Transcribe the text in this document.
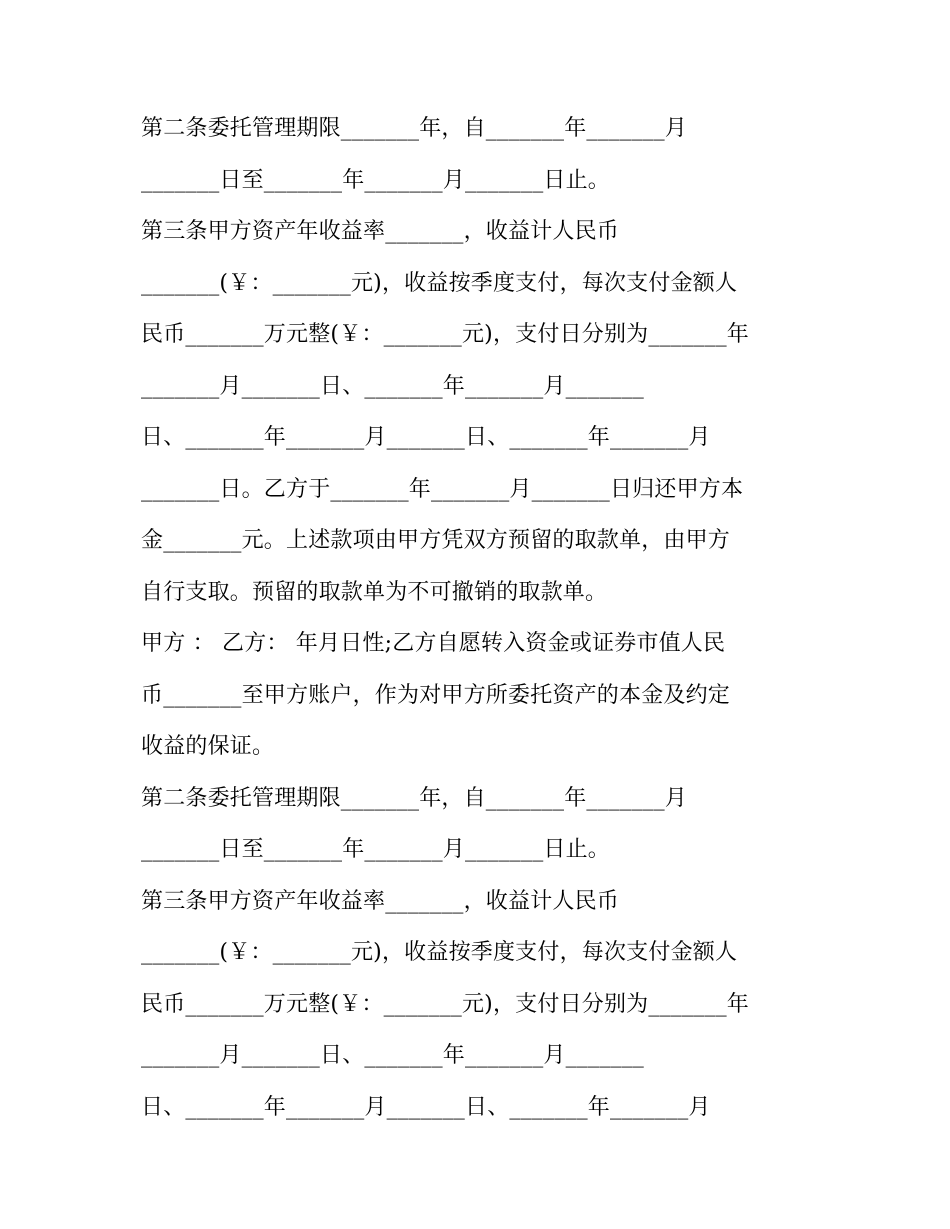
第二条委托管理期限_______年，自_______年_______月
_______日至_______年_______月_______日止。
第三条甲方资产年收益率_______，收益计人民币
_______(￥：_______元)，收益按季度支付，每次支付金额人
民币_______万元整(￥：_______元)，支付日分别为_______年
_______月_______日、_______年_______月_______
日、_______年_______月_______日、_______年_______月
_______日。乙方于_______年_______月_______日归还甲方本
金_______元。上述款项由甲方凭双方预留的取款单，由甲方
自行支取。预留的取款单为不可撤销的取款单。
甲方 ： 乙方： 年月日性;乙方自愿转入资金或证券市值人民
币_______至甲方账户，作为对甲方所委托资产的本金及约定
收益的保证。
第二条委托管理期限_______年，自_______年_______月
_______日至_______年_______月_______日止。
第三条甲方资产年收益率_______，收益计人民币
_______(￥：_______元)，收益按季度支付，每次支付金额人
民币_______万元整(￥：_______元)，支付日分别为_______年
_______月_______日、_______年_______月_______
日、_______年_______月_______日、_______年_______月
